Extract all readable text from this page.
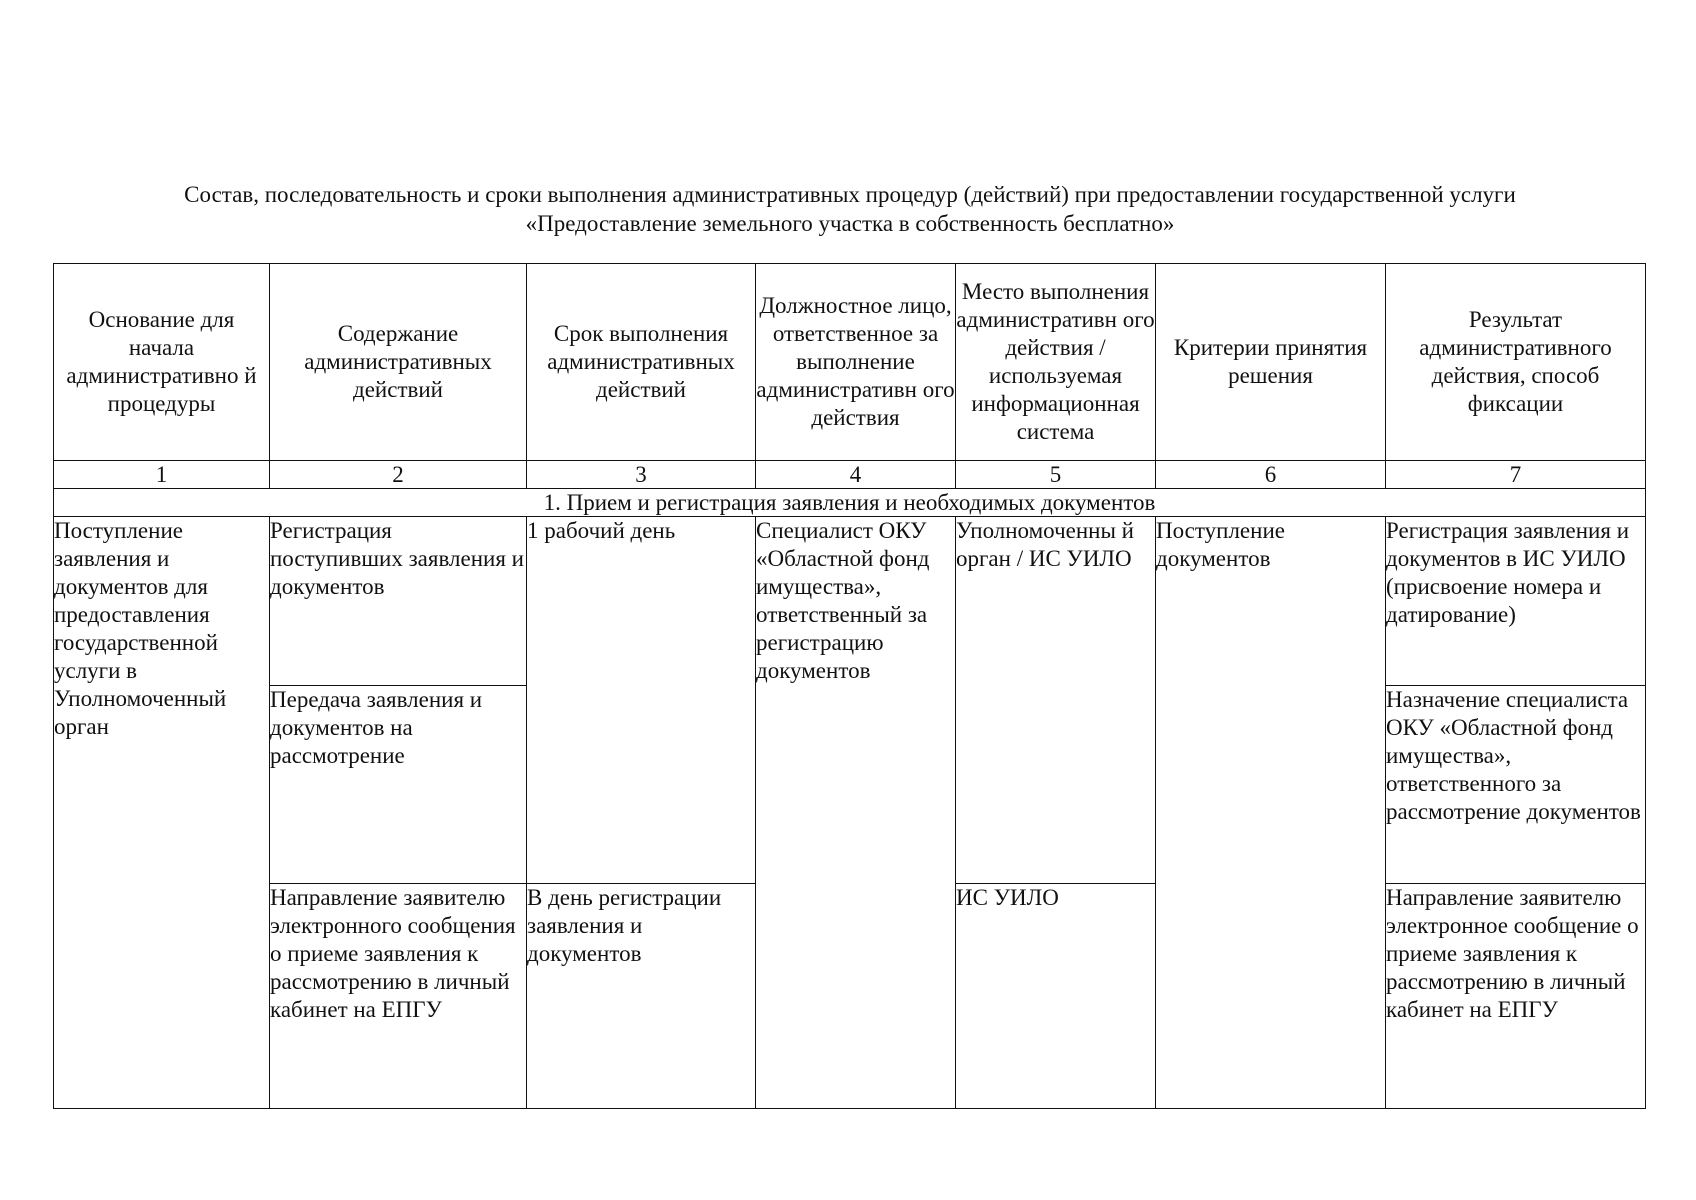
Состав, последовательность и сроки выполнения административных процедур (действий) при предоставлении государственной услуги
«Предоставление земельного участка в собственность бесплатно»
Основание для начала административно й процедуры	Содержание административных действий	Срок выполнения административных действий	Должностное лицо, ответственное за выполнение административн ого действия	Место выполнения административн ого действия / используемая информационная система	Критерии принятия решения	Результат административного действия, способ фиксации

1	2	3	4	5	6	7
1. Прием и регистрация заявления и необходимых документов						

Поступление заявления и документов для предоставления государственной услуги в Уполномоченный орган	Регистрация поступивших заявления и документов	1 рабочий день	Специалист ОКУ «Областной фонд имущества», ответственный за регистрацию документов	Уполномоченны й орган / ИС УИЛО	Поступление документов	Регистрация заявления и документов в ИС УИЛО (присвоение номера и датирование)

	Передача заявления и документов на рассмотрение					Назначение специалиста ОКУ «Областной фонд имущества», ответственного за рассмотрение документов

	Направление заявителю электронного сообщения о приеме заявления к рассмотрению в личный кабинет на ЕПГУ	В день регистрации заявления и документов		ИС УИЛО		Направление заявителю электронное сообщение о приеме заявления к рассмотрению в личный кабинет на ЕПГУ
